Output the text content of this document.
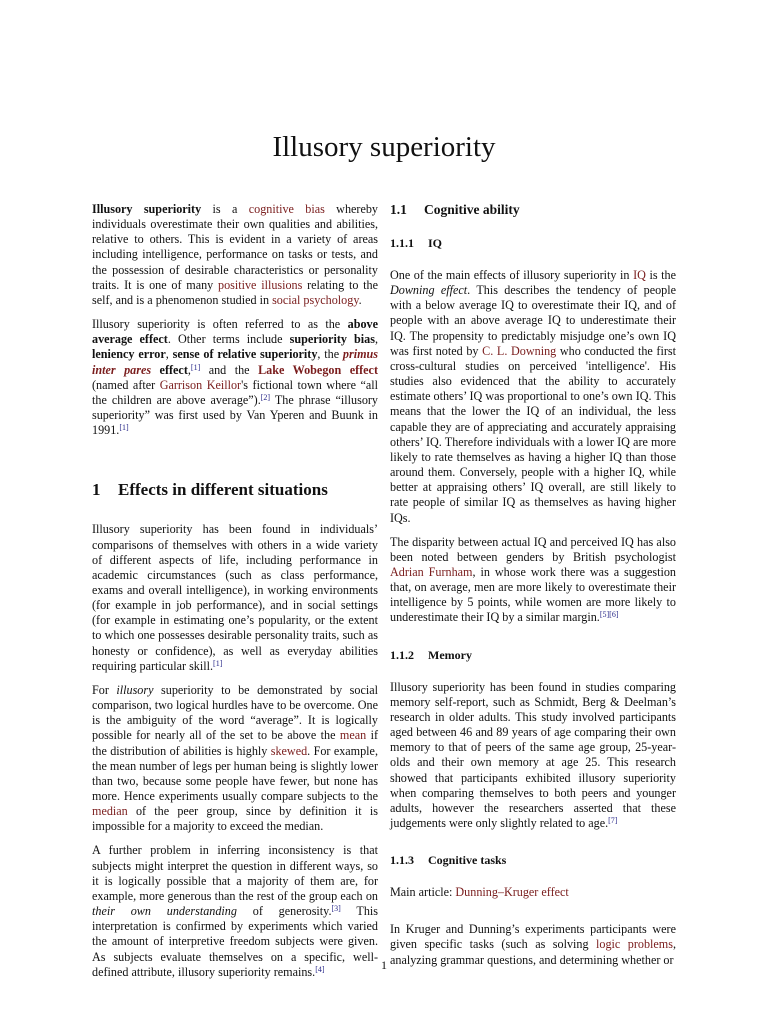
Illusory superiority

Illusory superiority is a cognitive bias whereby individuals overestimate their own qualities and abilities, relative to others. This is evident in a variety of areas including intelligence, performance on tasks or tests, and the possession of desirable characteristics or personality traits. It is one of many positive illusions relating to the self, and is a phenomenon studied in social psychology.

Illusory superiority is often referred to as the above average effect. Other terms include superiority bias, leniency error, sense of relative superiority, the primus inter pares effect,[1] and the Lake Wobegon effect (named after Garrison Keillor's fictional town where “all the children are above average”).[2] The phrase “illusory superiority” was first used by Van Yperen and Buunk in 1991.[1]

1 Effects in different situations

Illusory superiority has been found in individuals’ comparisons of themselves with others in a wide variety of different aspects of life, including performance in academic circumstances (such as class performance, exams and overall intelligence), in working environments (for example in job performance), and in social settings (for example in estimating one’s popularity, or the extent to which one possesses desirable personality traits, such as honesty or confidence), as well as everyday abilities requiring particular skill.[1]

For illusory superiority to be demonstrated by social comparison, two logical hurdles have to be overcome. One is the ambiguity of the word “average”. It is logically possible for nearly all of the set to be above the mean if the distribution of abilities is highly skewed. For example, the mean number of legs per human being is slightly lower than two, because some people have fewer, but none has more. Hence experiments usually compare subjects to the median of the peer group, since by definition it is impossible for a majority to exceed the median.

A further problem in inferring inconsistency is that subjects might interpret the question in different ways, so it is logically possible that a majority of them are, for example, more generous than the rest of the group each on their own understanding of generosity.[3] This interpretation is confirmed by experiments which varied the amount of interpretive freedom subjects were given. As subjects evaluate themselves on a specific, well-defined attribute, illusory superiority remains.[4]

1.1 Cognitive ability
1.1.1 IQ

One of the main effects of illusory superiority in IQ is the Downing effect. This describes the tendency of people with a below average IQ to overestimate their IQ, and of people with an above average IQ to underestimate their IQ. The propensity to predictably misjudge one’s own IQ was first noted by C. L. Downing who conducted the first cross-cultural studies on perceived 'intelligence'. His studies also evidenced that the ability to accurately estimate others’ IQ was proportional to one’s own IQ. This means that the lower the IQ of an individual, the less capable they are of appreciating and accurately appraising others’ IQ. Therefore individuals with a lower IQ are more likely to rate themselves as having a higher IQ than those around them. Conversely, people with a higher IQ, while better at appraising others’ IQ overall, are still likely to rate people of similar IQ as themselves as having higher IQs.

The disparity between actual IQ and perceived IQ has also been noted between genders by British psychologist Adrian Furnham, in whose work there was a suggestion that, on average, men are more likely to overestimate their intelligence by 5 points, while women are more likely to underestimate their IQ by a similar margin.[5][6]

1.1.2 Memory

Illusory superiority has been found in studies comparing memory self-report, such as Schmidt, Berg & Deelman’s research in older adults. This study involved participants aged between 46 and 89 years of age comparing their own memory to that of peers of the same age group, 25-year-olds and their own memory at age 25. This research showed that participants exhibited illusory superiority when comparing themselves to both peers and younger adults, however the researchers asserted that these judgements were only slightly related to age.[7]

1.1.3 Cognitive tasks

Main article: Dunning–Kruger effect

In Kruger and Dunning’s experiments participants were given specific tasks (such as solving logic problems, analyzing grammar questions, and determining whether or

1
